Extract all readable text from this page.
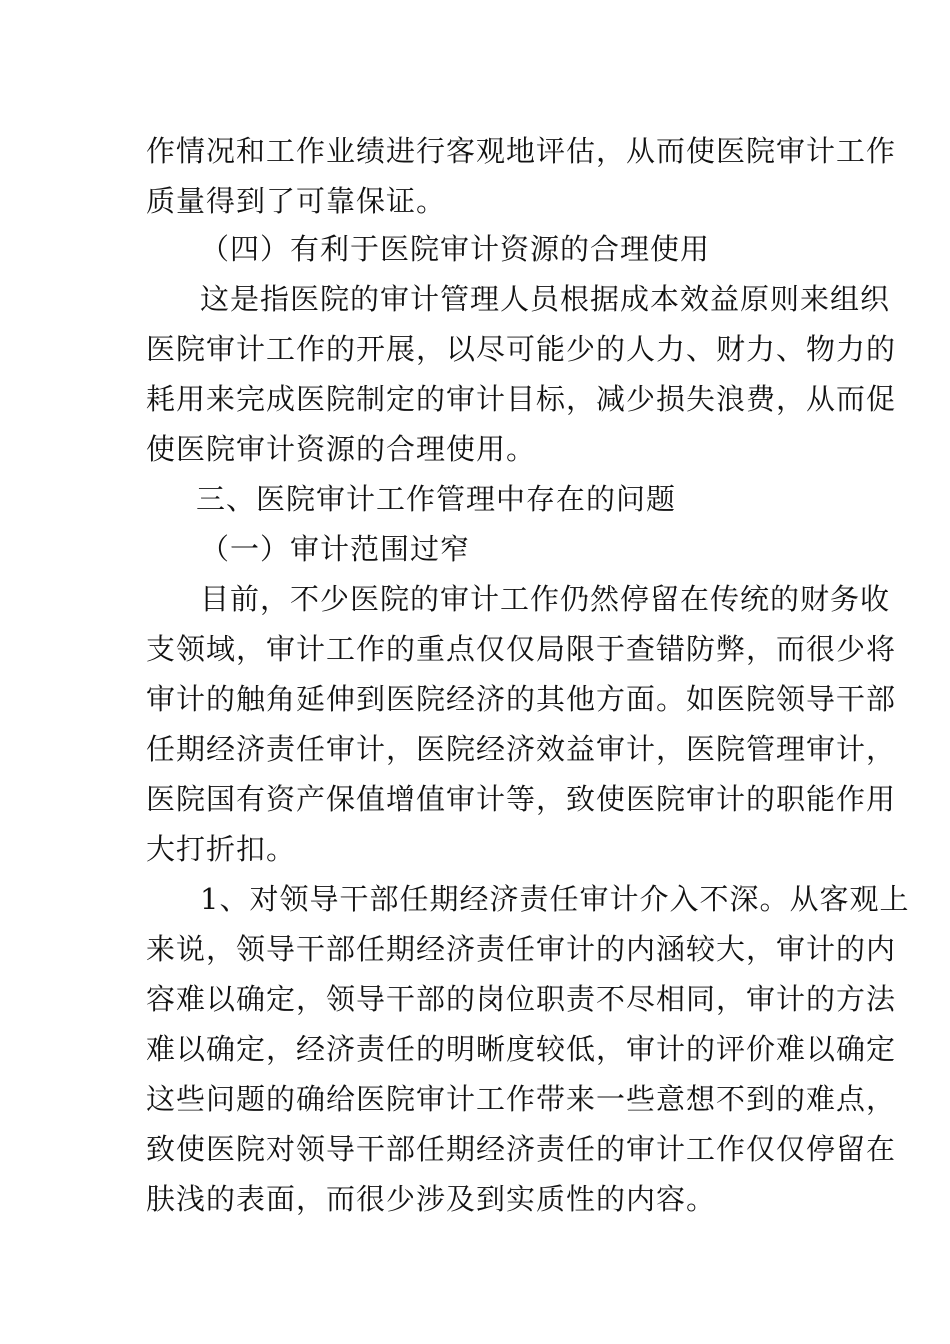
作情况和工作业绩进行客观地评估，从而使医院审计工作
质量得到了可靠保证。
（四）有利于医院审计资源的合理使用
这是指医院的审计管理人员根据成本效益原则来组织
医院审计工作的开展，以尽可能少的人力、财力、物力的
耗用来完成医院制定的审计目标，减少损失浪费，从而促
使医院审计资源的合理使用。
三、医院审计工作管理中存在的问题
（一）审计范围过窄
目前，不少医院的审计工作仍然停留在传统的财务收
支领域，审计工作的重点仅仅局限于查错防弊，而很少将
审计的触角延伸到医院经济的其他方面。如医院领导干部
任期经济责任审计，医院经济效益审计，医院管理审计，
医院国有资产保值增值审计等，致使医院审计的职能作用
大打折扣。
1、对领导干部任期经济责任审计介入不深。从客观上
来说，领导干部任期经济责任审计的内涵较大，审计的内
容难以确定，领导干部的岗位职责不尽相同，审计的方法
难以确定，经济责任的明晰度较低，审计的评价难以确定
这些问题的确给医院审计工作带来一些意想不到的难点，
致使医院对领导干部任期经济责任的审计工作仅仅停留在
肤浅的表面，而很少涉及到实质性的内容。
